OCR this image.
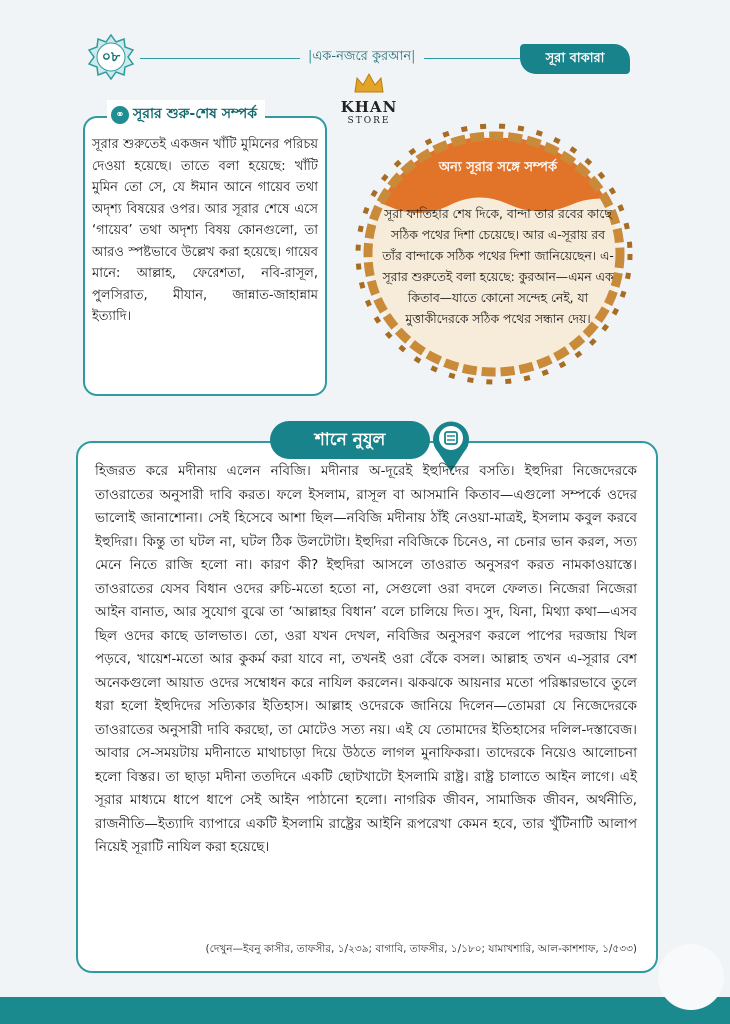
০৮
|	এক-নজরে কুরআন |	সূরা বাকারা
⚭ সূরার শুরু-শেষ সম্পর্ক
সূরার শুরুতেই একজন খাঁটি মুমিনের পরিচয় দেওয়া হয়েছে। তাতে বলা হয়েছে: খাঁটি মুমিন তো সে, যে ঈমান আনে গায়েব তথা অদৃশ্য বিষয়ের ওপর। আর সূরার শেষে এসে ‘গায়েব’ তথা অদৃশ্য বিষয় কোনগুলো, তা আরও স্পষ্টভাবে উল্লেখ করা হয়েছে। গায়েব মানে: আল্লাহ, ফেরেশতা, নবি-রাসূল, পুলসিরাত, মীযান, জান্নাত-জাহান্নাম ইত্যাদি।
KHAN
STORE
অন্য সূরার সঙ্গে সম্পর্ক
সূরা ফাতিহার শেষ দিকে, বান্দা তার রবের কাছে সঠিক পথের দিশা চেয়েছে। আর এ-সূরায় রব তাঁর বান্দাকে সঠিক পথের দিশা জানিয়েছেন। এ-সূরার শুরুতেই বলা হয়েছে: কুরআন—এমন এক কিতাব—যাতে কোনো সন্দেহ নেই, যা মুত্তাকীদেরকে সঠিক পথের সন্ধান দেয়।
শানে নুযুল
হিজরত করে মদীনায় এলেন নবিজি। মদীনার অ-দূরেই ইহুদিদের বসতি। ইহুদিরা নিজেদেরকে তাওরাতের অনুসারী দাবি করত। ফলে ইসলাম, রাসূল বা আসমানি কিতাব—এগুলো সম্পর্কে ওদের ভালোই জানাশোনা। সেই হিসেবে আশা ছিল—নবিজি মদীনায় ঠাঁই নেওয়া-মাত্রই, ইসলাম কবুল করবে ইহুদিরা। কিন্তু তা ঘটল না, ঘটল ঠিক উলটোটা। ইহুদিরা নবিজিকে চিনেও, না চেনার ভান করল, সত্য মেনে নিতে রাজি হলো না। কারণ কী? ইহুদিরা আসলে তাওরাত অনুসরণ করত নামকাওয়াস্তে। তাওরাতের যেসব বিধান ওদের রুচি-মতো হতো না, সেগুলো ওরা বদলে ফেলত। নিজেরা নিজেরা আইন বানাত, আর সুযোগ বুঝে তা ‘আল্লাহর বিধান’ বলে চালিয়ে দিত। সুদ, যিনা, মিথ্যা কথা—এসব ছিল ওদের কাছে ডালভাত। তো, ওরা যখন দেখল, নবিজির অনুসরণ করলে পাপের দরজায় খিল পড়বে, খায়েশ-মতো আর কুকর্ম করা যাবে না, তখনই ওরা বেঁকে বসল। আল্লাহ তখন এ-সূরার বেশ অনেকগুলো আয়াত ওদের সম্বোধন করে নাযিল করলেন। ঝকঝকে আয়নার মতো পরিষ্কারভাবে তুলে ধরা হলো ইহুদিদের সত্যিকার ইতিহাস। আল্লাহ ওদেরকে জানিয়ে দিলেন—তোমরা যে নিজেদেরকে তাওরাতের অনুসারী দাবি করছো, তা মোটেও সত্য নয়। এই যে তোমাদের ইতিহাসের দলিল-দস্তাবেজ। আবার সে-সময়টায় মদীনাতে মাথাচাড়া দিয়ে উঠতে লাগল মুনাফিকরা। তাদেরকে নিয়েও আলোচনা হলো বিস্তর। তা ছাড়া মদীনা ততদিনে একটি ছোটখাটো ইসলামি রাষ্ট্র। রাষ্ট্র চালাতে আইন লাগে। এই সূরার মাধ্যমে ধাপে ধাপে সেই আইন পাঠানো হলো। নাগরিক জীবন, সামাজিক জীবন, অর্থনীতি, রাজনীতি—ইত্যাদি ব্যাপারে একটি ইসলামি রাষ্ট্রের আইনি রূপরেখা কেমন হবে, তার খুঁটিনাটি আলাপ নিয়েই সূরাটি নাযিল করা হয়েছে।
(দেখুন—ইবনু কাসীর, তাফসীর, ১/২৩৯; বাগাবি, তাফসীর, ১/১৮০; যামাখশারি, আল-কাশশাফ, ১/৫৩৩)
